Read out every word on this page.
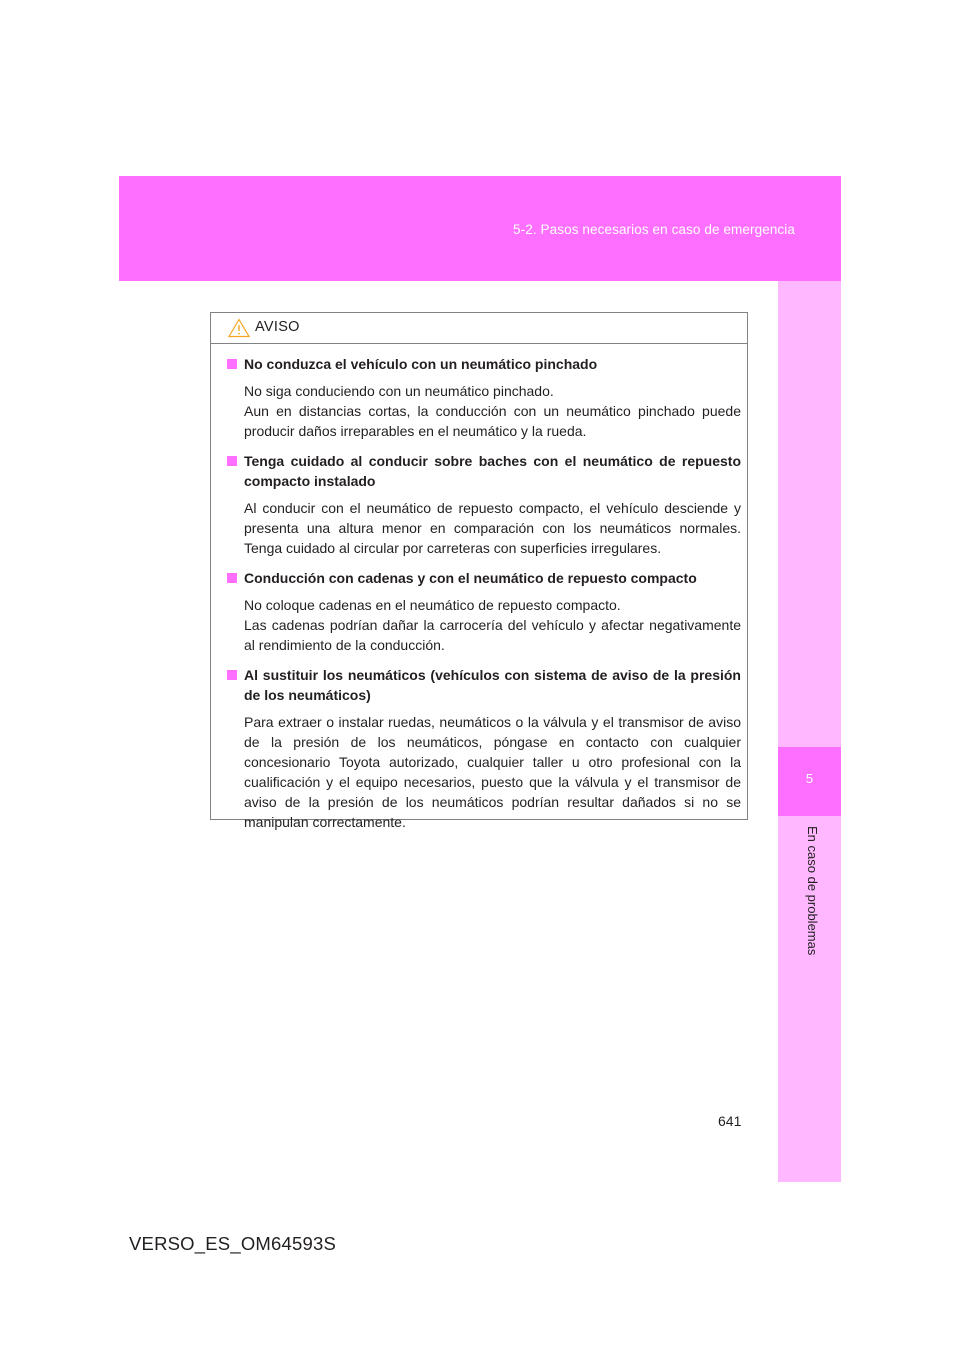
5-2. Pasos necesarios en caso de emergencia
5
En caso de problemas
AVISO
No conduzca el vehículo con un neumático pinchado

No siga conduciendo con un neumático pinchado.

Aun en distancias cortas, la conducción con un neumático pinchado puede producir daños irreparables en el neumático y la rueda.

Tenga cuidado al conducir sobre baches con el neumático de repuesto compacto instalado

Al conducir con el neumático de repuesto compacto, el vehículo desciende y presenta una altura menor en comparación con los neumáticos normales. Tenga cuidado al circular por carreteras con superficies irregulares.

Conducción con cadenas y con el neumático de repuesto compacto

No coloque cadenas en el neumático de repuesto compacto.

Las cadenas podrían dañar la carrocería del vehículo y afectar negativamente al rendimiento de la conducción.

Al sustituir los neumáticos (vehículos con sistema de aviso de la presión de los neumáticos)

Para extraer o instalar ruedas, neumáticos o la válvula y el transmisor de aviso de la presión de los neumáticos, póngase en contacto con cualquier concesionario Toyota autorizado, cualquier taller u otro profesional con la cualificación y el equipo necesarios, puesto que la válvula y el transmisor de aviso de la presión de los neumáticos podrían resultar dañados si no se manipulan correctamente.

641
VERSO_ES_OM64593S
